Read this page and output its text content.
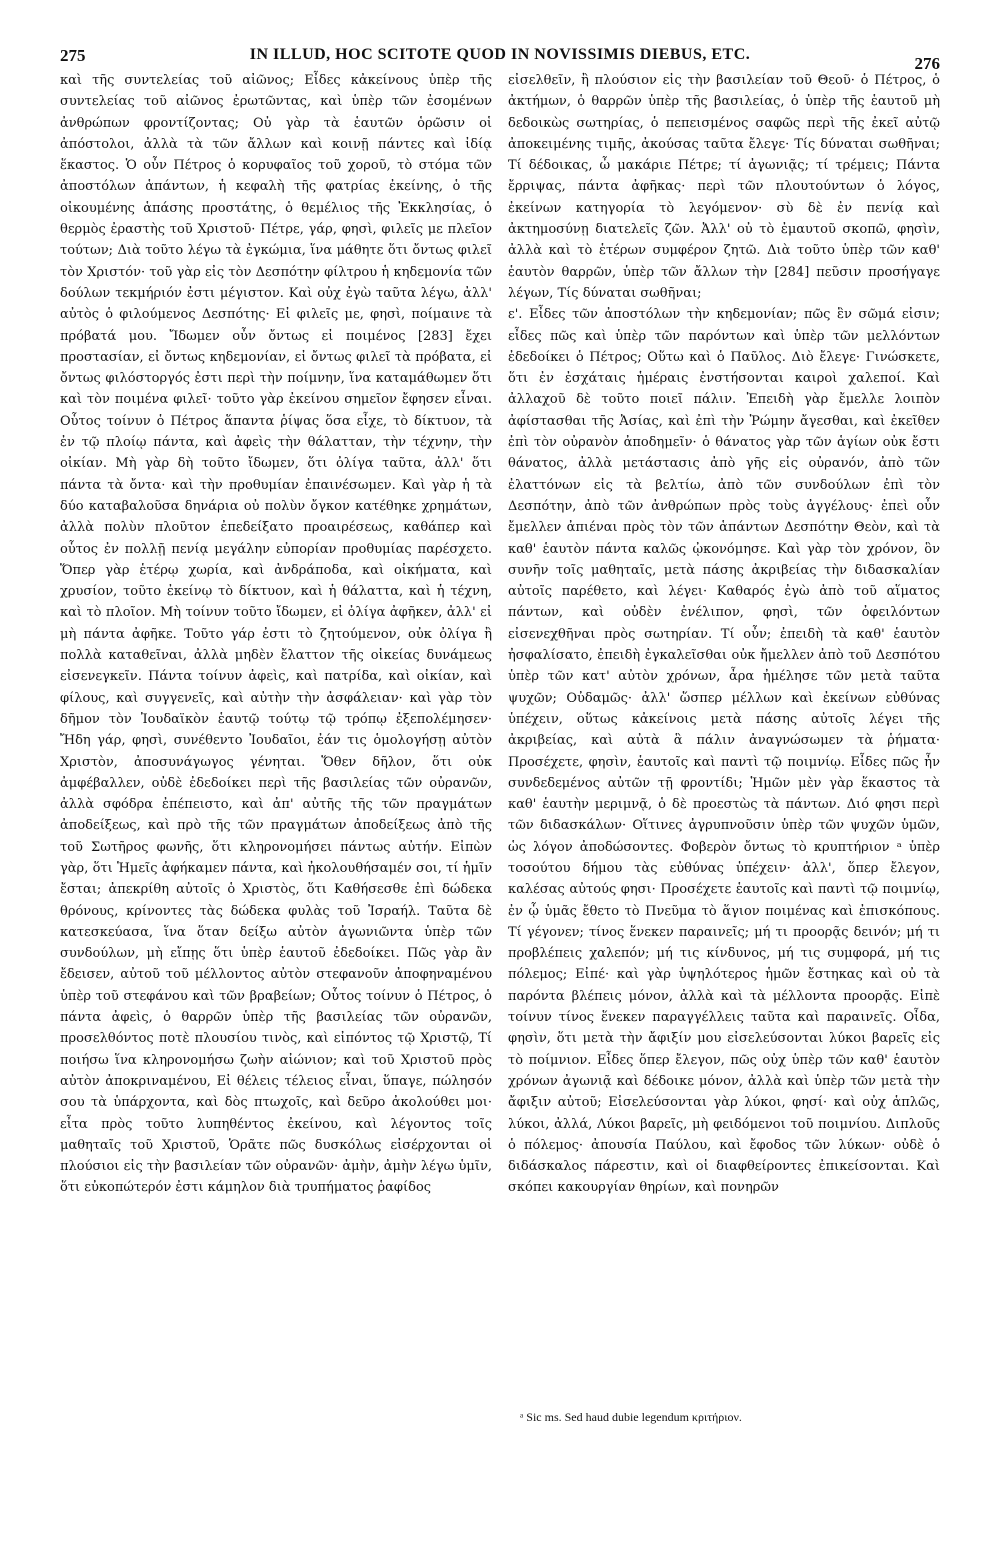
275	IN ILLUD, HOC SCITOTE QUOD IN NOVISSIMIS DIEBUS, ETC.	276

καὶ τῆς συντελείας τοῦ αἰῶνος; Εἶδες κἀκείνους ὑπὲρ τῆς συντελείας τοῦ αἰῶνος ἐρωτῶντας, καὶ ὑπὲρ τῶν ἐσομένων ἀνθρώπων φροντίζοντας; Οὐ γὰρ τὰ ἑαυτῶν ὁρῶσιν οἱ ἀπόστολοι, ἀλλὰ τὰ τῶν ἄλλων καὶ κοινῇ πάντες καὶ ἰδίᾳ ἕκαστος. Ὁ οὖν Πέτρος ὁ κορυφαῖος τοῦ χοροῦ, τὸ στόμα τῶν ἀποστόλων ἁπάντων, ἡ κεφαλὴ τῆς φατρίας ἐκείνης, ὁ τῆς οἰκουμένης ἁπάσης προστάτης, ὁ θεμέλιος τῆς Ἐκκλησίας, ὁ θερμὸς ἐραστὴς τοῦ Χριστοῦ· Πέτρε, γάρ, φησὶ, φιλεῖς με πλεῖον τούτων; Διὰ τοῦτο λέγω τὰ ἐγκώμια, ἵνα μάθητε ὅτι ὄντως φιλεῖ τὸν Χριστόν· τοῦ γὰρ εἰς τὸν Δεσπότην φίλτρου ἡ κηδεμονία τῶν δούλων τεκμήριόν ἐστι μέγιστον. Καὶ οὐχ ἐγὼ ταῦτα λέγω, ἀλλ' αὐτὸς ὁ φιλούμενος Δεσπότης· Εἰ φιλεῖς με, φησὶ, ποίμαινε τὰ πρόβατά μου. Ἴδωμεν οὖν ὄντως εἰ ποιμένος [283] ἔχει προστασίαν, εἰ ὄντως κηδεμονίαν, εἰ ὄντως φιλεῖ τὰ πρόβατα, εἰ ὄντως φιλόστοργός ἐστι περὶ τὴν ποίμνην, ἵνα καταμάθωμεν ὅτι καὶ τὸν ποιμένα φιλεῖ· τοῦτο γὰρ ἐκείνου σημεῖον ἔφησεν εἶναι. Οὗτος τοίνυν ὁ Πέτρος ἅπαντα ῥίψας ὅσα εἶχε, τὸ δίκτυον, τὰ ἐν τῷ πλοίῳ πάντα, καὶ ἀφεὶς τὴν θάλατταν, τὴν τέχνην, τὴν οἰκίαν. Μὴ γὰρ δὴ τοῦτο ἴδωμεν, ὅτι ὀλίγα ταῦτα, ἀλλ' ὅτι πάντα τὰ ὄντα· καὶ τὴν προθυμίαν ἐπαινέσωμεν. Καὶ γὰρ ἡ τὰ δύο καταβαλοῦσα δηνάρια οὐ πολὺν ὄγκον κατέθηκε χρημάτων, ἀλλὰ πολὺν πλοῦτον ἐπεδείξατο προαιρέσεως, καθάπερ καὶ οὗτος ἐν πολλῇ πενίᾳ μεγάλην εὐπορίαν προθυμίας παρέσχετο. Ὅπερ γὰρ ἑτέρῳ χωρία, καὶ ἀνδράποδα, καὶ οἰκήματα, καὶ χρυσίον, τοῦτο ἐκείνῳ τὸ δίκτυον, καὶ ἡ θάλαττα, καὶ ἡ τέχνη, καὶ τὸ πλοῖον. Μὴ τοίνυν τοῦτο ἴδωμεν, εἰ ὀλίγα ἀφῆκεν, ἀλλ' εἰ μὴ πάντα ἀφῆκε. Τοῦτο γάρ ἐστι τὸ ζητούμενον, οὐκ ὀλίγα ἢ πολλὰ καταθεῖναι, ἀλλὰ μηδὲν ἔλαττον τῆς οἰκείας δυνάμεως εἰσενεγκεῖν. Πάντα τοίνυν ἀφεὶς, καὶ πατρίδα, καὶ οἰκίαν, καὶ φίλους, καὶ συγγενεῖς, καὶ αὐτὴν τὴν ἀσφάλειαν· καὶ γὰρ τὸν δῆμον τὸν Ἰουδαϊκὸν ἑαυτῷ τούτῳ τῷ τρόπῳ ἐξεπολέμησεν· Ἤδη γάρ, φησὶ, συνέθεντο Ἰουδαῖοι, ἐάν τις ὁμολογήσῃ αὐτὸν Χριστὸν, ἀποσυνάγωγος γένηται. Ὅθεν δῆλον, ὅτι οὐκ ἀμφέβαλλεν, οὐδὲ ἐδεδοίκει περὶ τῆς βασιλείας τῶν οὐρανῶν, ἀλλὰ σφόδρα ἐπέπειστο, καὶ ἀπ' αὐτῆς τῆς τῶν πραγμάτων ἀποδείξεως, καὶ πρὸ τῆς τῶν πραγμάτων ἀποδείξεως ἀπὸ τῆς τοῦ Σωτῆρος φωνῆς, ὅτι κληρονομήσει πάντως αὐτήν. Εἰπὼν γὰρ, ὅτι Ἡμεῖς ἀφήκαμεν πάντα, καὶ ἠκολουθήσαμέν σοι, τί ἡμῖν ἔσται; ἀπεκρίθη αὐτοῖς ὁ Χριστὸς, ὅτι Καθήσεσθε ἐπὶ δώδεκα θρόνους, κρίνοντες τὰς δώδεκα φυλὰς τοῦ Ἰσραήλ. Ταῦτα δὲ κατεσκεύασα, ἵνα ὅταν δείξω αὐτὸν ἀγωνιῶντα ὑπὲρ τῶν συνδούλων, μὴ εἴπῃς ὅτι ὑπὲρ ἑαυτοῦ ἐδεδοίκει. Πῶς γὰρ ἂν ἔδεισεν, αὐτοῦ τοῦ μέλλοντος αὐτὸν στεφανοῦν ἀποφηναμένου ὑπὲρ τοῦ στεφάνου καὶ τῶν βραβείων; Οὗτος τοίνυν ὁ Πέτρος, ὁ πάντα ἀφεὶς, ὁ θαρρῶν ὑπὲρ τῆς βασιλείας τῶν οὐρανῶν, προσελθόντος ποτὲ πλουσίου τινὸς, καὶ εἰπόντος τῷ Χριστῷ, Τί ποιήσω ἵνα κληρονομήσω ζωὴν αἰώνιον; καὶ τοῦ Χριστοῦ πρὸς αὐτὸν ἀποκριναμένου, Εἰ θέλεις τέλειος εἶναι, ὕπαγε, πώλησόν σου τὰ ὑπάρχοντα, καὶ δὸς πτωχοῖς, καὶ δεῦρο ἀκολούθει μοι· εἶτα πρὸς τοῦτο λυπηθέντος ἐκείνου, καὶ λέγοντος τοῖς μαθηταῖς τοῦ Χριστοῦ, Ὁρᾶτε πῶς δυσκόλως εἰσέρχονται οἱ πλούσιοι εἰς τὴν βασιλείαν τῶν οὐρανῶν· ἀμὴν, ἀμὴν λέγω ὑμῖν, ὅτι εὐκοπώτερόν ἐστι κάμηλον διὰ τρυπήματος ῥαφίδος

εἰσελθεῖν, ἢ πλούσιον εἰς τὴν βασιλείαν τοῦ Θεοῦ· ὁ Πέτρος, ὁ ἀκτήμων, ὁ θαρρῶν ὑπὲρ τῆς βασιλείας, ὁ ὑπὲρ τῆς ἑαυτοῦ μὴ δεδοικὼς σωτηρίας, ὁ πεπεισμένος σαφῶς περὶ τῆς ἐκεῖ αὐτῷ ἀποκειμένης τιμῆς, ἀκούσας ταῦτα ἔλεγε· Τίς δύναται σωθῆναι; Τί δέδοικας, ὦ μακάριε Πέτρε; τί ἀγωνιᾷς; τί τρέμεις; Πάντα ἔρριψας, πάντα ἀφῆκας· περὶ τῶν πλουτούντων ὁ λόγος, ἐκείνων κατηγορία τὸ λεγόμενον· σὺ δὲ ἐν πενίᾳ καὶ ἀκτημοσύνῃ διατελεῖς ζῶν. Ἀλλ' οὐ τὸ ἐμαυτοῦ σκοπῶ, φησὶν, ἀλλὰ καὶ τὸ ἑτέρων συμφέρον ζητῶ. Διὰ τοῦτο ὑπὲρ τῶν καθ' ἑαυτὸν θαρρῶν, ὑπὲρ τῶν ἄλλων τὴν [284] πεῦσιν προσήγαγε λέγων, Τίς δύναται σωθῆναι;

ε'. Εἶδες τῶν ἀποστόλων τὴν κηδεμονίαν; πῶς ἓν σῶμά εἰσιν; εἶδες πῶς καὶ ὑπὲρ τῶν παρόντων καὶ ὑπὲρ τῶν μελλόντων ἐδεδοίκει ὁ Πέτρος; Οὕτω καὶ ὁ Παῦλος. Διὸ ἔλεγε· Γινώσκετε, ὅτι ἐν ἐσχάταις ἡμέραις ἐνστήσονται καιροὶ χαλεποί. Καὶ ἀλλαχοῦ δὲ τοῦτο ποιεῖ πάλιν. Ἐπειδὴ γὰρ ἔμελλε λοιπὸν ἀφίστασθαι τῆς Ἀσίας, καὶ ἐπὶ τὴν Ῥώμην ἄγεσθαι, καὶ ἐκεῖθεν ἐπὶ τὸν οὐρανὸν ἀποδημεῖν· ὁ θάνατος γὰρ τῶν ἁγίων οὐκ ἔστι θάνατος, ἀλλὰ μετάστασις ἀπὸ γῆς εἰς οὐρανόν, ἀπὸ τῶν ἐλαττόνων εἰς τὰ βελτίω, ἀπὸ τῶν συνδούλων ἐπὶ τὸν Δεσπότην, ἀπὸ τῶν ἀνθρώπων πρὸς τοὺς ἀγγέλους· ἐπεὶ οὖν ἔμελλεν ἀπιέναι πρὸς τὸν τῶν ἁπάντων Δεσπότην Θεὸν, καὶ τὰ καθ' ἑαυτὸν πάντα καλῶς ᾠκονόμησε. Καὶ γὰρ τὸν χρόνον, ὃν συνῆν τοῖς μαθηταῖς, μετὰ πάσης ἀκριβείας τὴν διδασκαλίαν αὐτοῖς παρέθετο, καὶ λέγει· Καθαρός ἐγὼ ἀπὸ τοῦ αἵματος πάντων, καὶ οὐδὲν ἐνέλιπον, φησὶ, τῶν ὀφειλόντων εἰσενεχθῆναι πρὸς σωτηρίαν. Τί οὖν; ἐπειδὴ τὰ καθ' ἑαυτὸν ἠσφαλίσατο, ἐπειδὴ ἐγκαλεῖσθαι οὐκ ἤμελλεν ἀπὸ τοῦ Δεσπότου ὑπὲρ τῶν κατ' αὐτὸν χρόνων, ἆρα ἠμέλησε τῶν μετὰ ταῦτα ψυχῶν; Οὐδαμῶς· ἀλλ' ὥσπερ μέλλων καὶ ἐκείνων εὐθύνας ὑπέχειν, οὕτως κἀκείνοις μετὰ πάσης αὐτοῖς λέγει τῆς ἀκριβείας, καὶ αὐτὰ ἃ πάλιν ἀναγνώσωμεν τὰ ῥήματα· Προσέχετε, φησὶν, ἑαυτοῖς καὶ παντὶ τῷ ποιμνίῳ. Εἶδες πῶς ἦν συνδεδεμένος αὐτῶν τῇ φροντίδι; Ἡμῶν μὲν γὰρ ἕκαστος τὰ καθ' ἑαυτὴν μεριμνᾷ, ὁ δὲ προεστὼς τὰ πάντων. Διό φησι περὶ τῶν διδασκάλων· Οἵτινες ἀγρυπνοῦσιν ὑπὲρ τῶν ψυχῶν ὑμῶν, ὡς λόγον ἀποδώσοντες. Φοβερὸν ὄντως τὸ κρυπτήριον ᵃ ὑπὲρ τοσούτου δήμου τὰς εὐθύνας ὑπέχειν· ἀλλ', ὅπερ ἔλεγον, καλέσας αὐτούς φησι· Προσέχετε ἑαυτοῖς καὶ παντὶ τῷ ποιμνίῳ, ἐν ᾧ ὑμᾶς ἔθετο τὸ Πνεῦμα τὸ ἅγιον ποιμένας καὶ ἐπισκόπους. Τί γέγονεν; τίνος ἕνεκεν παραινεῖς; μή τι προορᾷς δεινόν; μή τι προβλέπεις χαλεπόν; μή τις κίνδυνος, μή τις συμφορά, μή τις πόλεμος; Εἰπέ· καὶ γὰρ ὑψηλότερος ἡμῶν ἔστηκας καὶ οὐ τὰ παρόντα βλέπεις μόνον, ἀλλὰ καὶ τὰ μέλλοντα προορᾷς. Εἰπὲ τοίνυν τίνος ἕνεκεν παραγγέλλεις ταῦτα καὶ παραινεῖς. Οἶδα, φησὶν, ὅτι μετὰ τὴν ἄφιξίν μου εἰσελεύσονται λύκοι βαρεῖς εἰς τὸ ποίμνιον. Εἶδες ὅπερ ἔλεγον, πῶς οὐχ ὑπὲρ τῶν καθ' ἑαυτὸν χρόνων ἀγωνιᾷ καὶ δέδοικε μόνον, ἀλλὰ καὶ ὑπὲρ τῶν μετὰ τὴν ἄφιξιν αὐτοῦ; Εἰσελεύσονται γὰρ λύκοι, φησί· καὶ οὐχ ἁπλῶς, λύκοι, ἀλλά, Λύκοι βαρεῖς, μὴ φειδόμενοι τοῦ ποιμνίου. Διπλοῦς ὁ πόλεμος· ἀπουσία Παύλου, καὶ ἔφοδος τῶν λύκων· οὐδὲ ὁ διδάσκαλος πάρεστιν, καὶ οἱ διαφθείροντες ἐπικείσονται. Καὶ σκόπει κακουργίαν θηρίων, καὶ πονηρῶν

ᵃ Sic ms. Sed haud dubie legendum κριτήριον.
